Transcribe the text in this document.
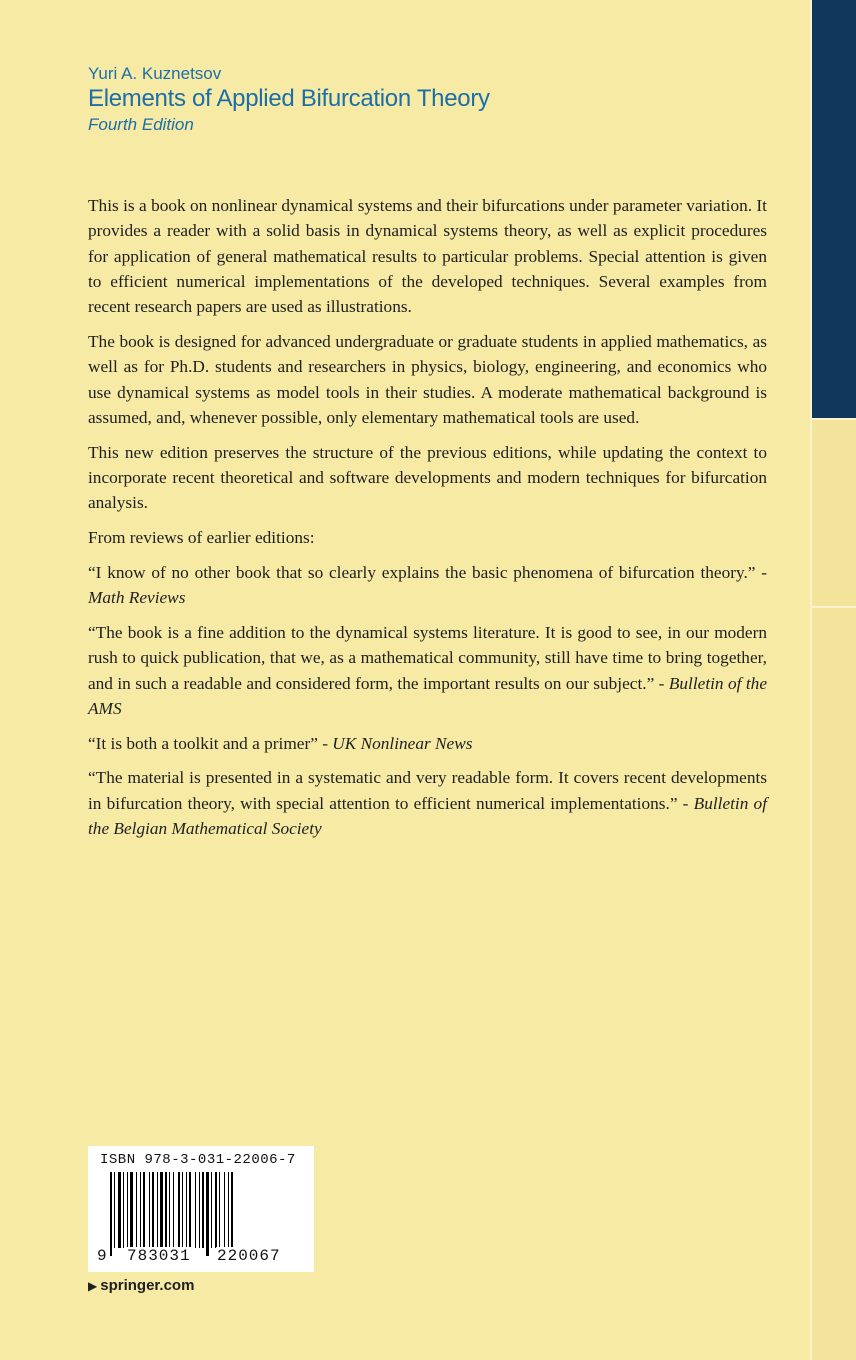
Yuri A. Kuznetsov
Elements of Applied Bifurcation Theory
Fourth Edition

This is a book on nonlinear dynamical systems and their bifurcations under parameter variation. It provides a reader with a solid basis in dynamical systems theory, as well as explicit procedures for application of general mathematical results to particular problems. Special attention is given to efficient numerical implementations of the developed techniques. Several examples from recent research papers are used as illustrations.

The book is designed for advanced undergraduate or graduate students in applied mathematics, as well as for Ph.D. students and researchers in physics, biology, engineering, and economics who use dynamical systems as model tools in their studies. A moderate mathematical background is assumed, and, whenever possible, only elementary mathematical tools are used.

This new edition preserves the structure of the previous editions, while updating the context to incorporate recent theoretical and software developments and modern techniques for bifurcation analysis.

From reviews of earlier editions:

“I know of no other book that so clearly explains the basic phenomena of bifurcation theory.” - Math Reviews

“The book is a fine addition to the dynamical systems literature. It is good to see, in our modern rush to quick publication, that we, as a mathematical community, still have time to bring together, and in such a readable and considered form, the important results on our subject.” - Bulletin of the AMS

“It is both a toolkit and a primer” - UK Nonlinear News

“The material is presented in a systematic and very readable form. It covers recent developments in bifurcation theory, with special attention to efficient numerical implementations.” - Bulletin of the Belgian Mathematical Society

ISBN 978-3-031-22006-7
9 783031 220067
▶ springer.com
